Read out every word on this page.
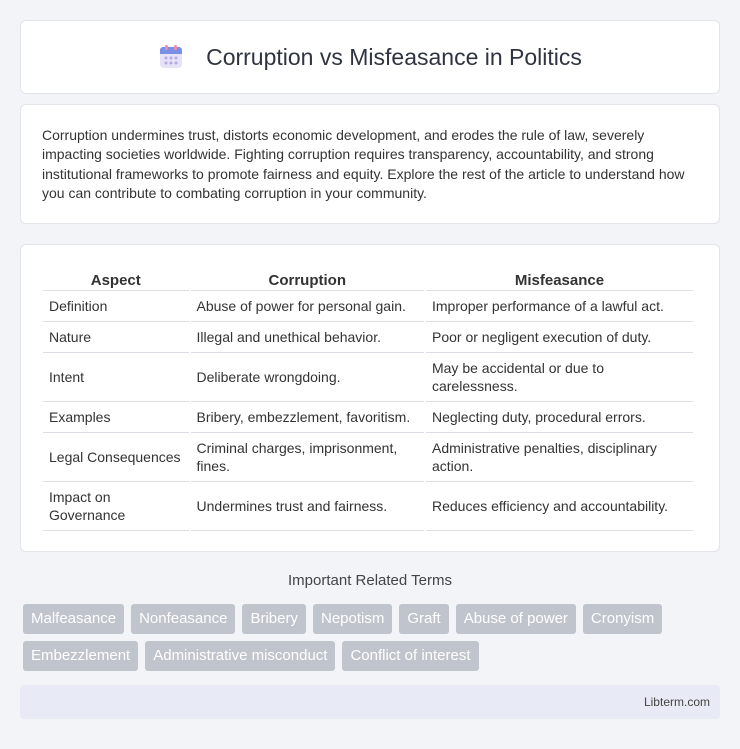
Corruption vs Misfeasance in Politics

Corruption undermines trust, distorts economic development, and erodes the rule of law, severely impacting societies worldwide. Fighting corruption requires transparency, accountability, and strong institutional frameworks to promote fairness and equity. Explore the rest of the article to understand how you can contribute to combating corruption in your community.

Aspect	Corruption	Misfeasance
Definition	Abuse of power for personal gain.	Improper performance of a lawful act.
Nature	Illegal and unethical behavior.	Poor or negligent execution of duty.
Intent	Deliberate wrongdoing.	May be accidental or due to carelessness.
Examples	Bribery, embezzlement, favoritism.	Neglecting duty, procedural errors.
Legal Consequences	Criminal charges, imprisonment, fines.	Administrative penalties, disciplinary action.
Impact on Governance	Undermines trust and fairness.	Reduces efficiency and accountability.
Important Related Terms
Malfeasance	Nonfeasance	Bribery	Nepotism	Graft	Abuse of power	Cronyism
Embezzlement	Administrative misconduct	Conflict of interest
Libterm.com
